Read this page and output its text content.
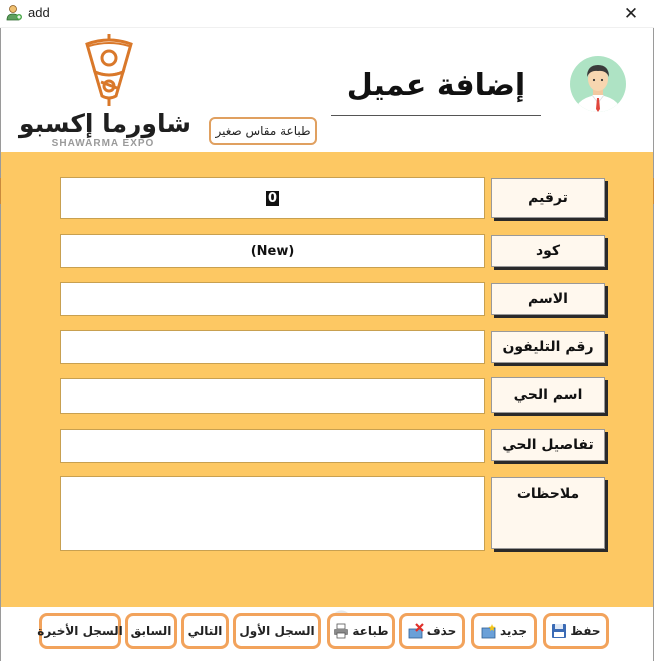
add	✕
شاورما إكسبو
SHAWARMA EXPO
طباعة مقاس صغير
إضافة عميل
0	ترقيم
(New)	كود
الاسم
رقم التليفون
اسم الحي
تفاصيل الحي
ملاحظات
حفظ
جديد
حذف
طباعة
السجل الأول
التالي
السابق
السجل الأخيرة
